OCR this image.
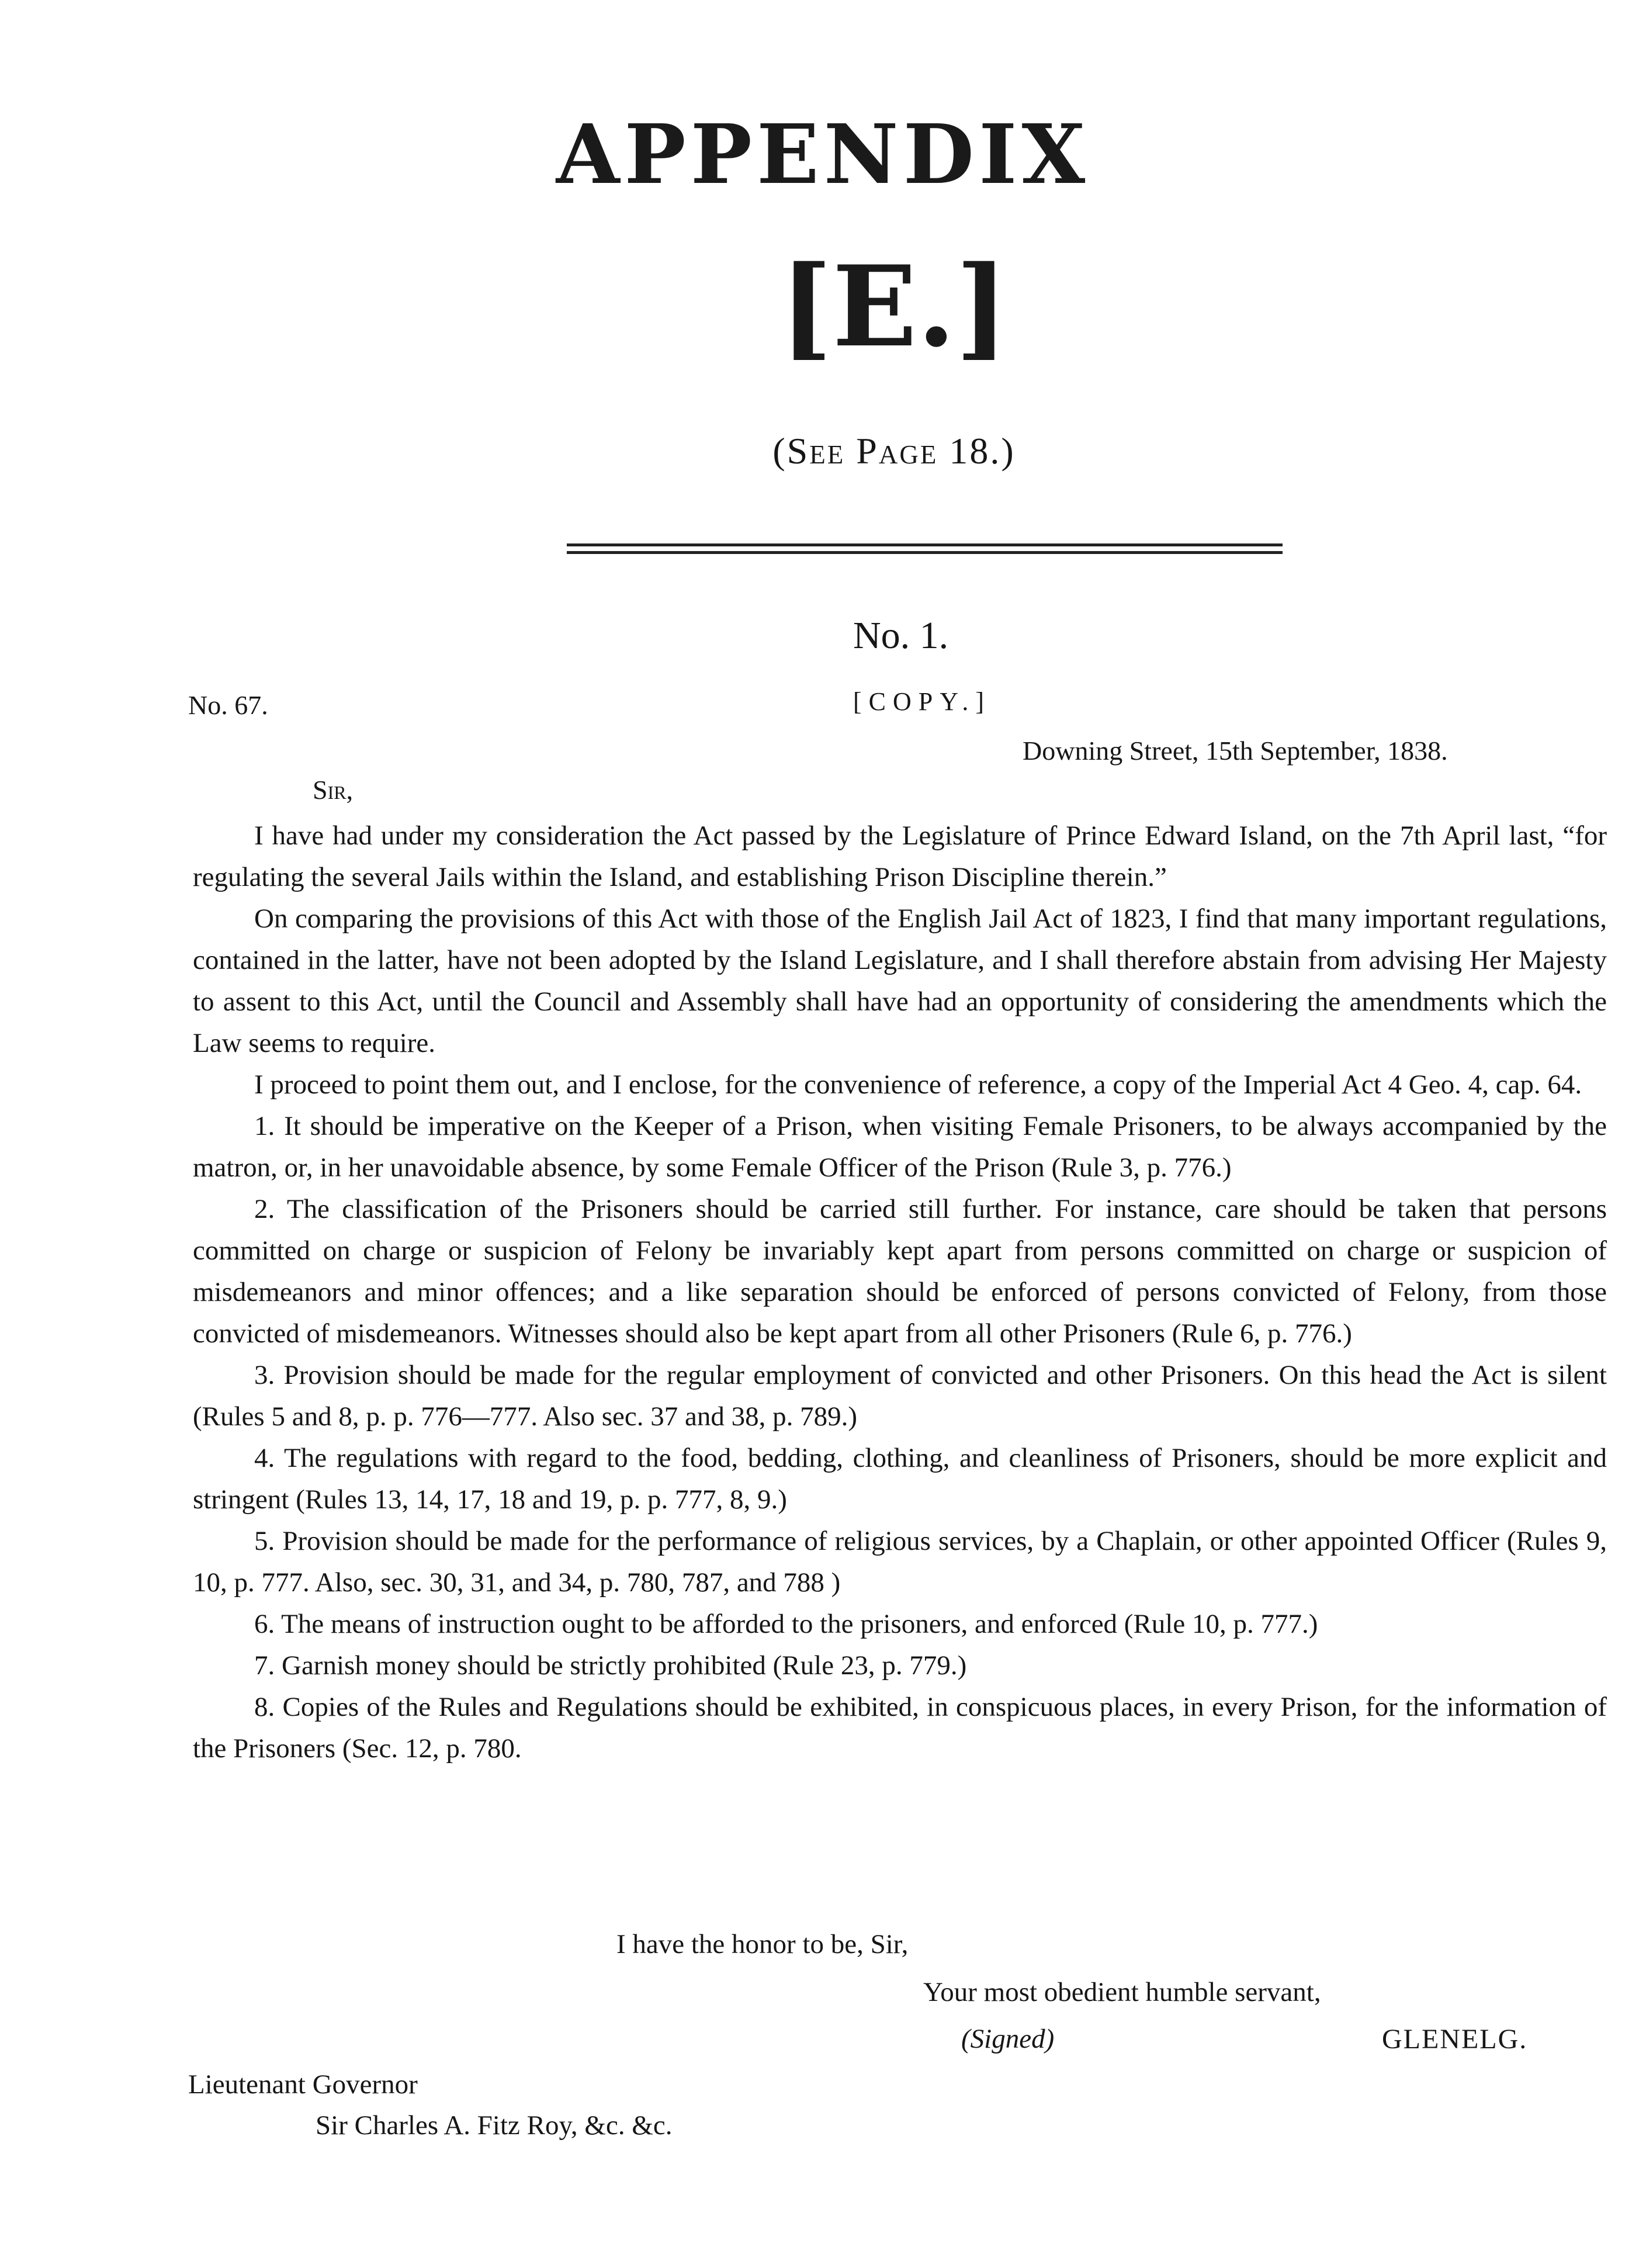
APPENDIX
[E.]
(See Page 18.)
No. 1.
No. 67.	[COPY.]
Downing Street, 15th September, 1838.
Sir,

I have had under my consideration the Act passed by the Legislature of Prince Edward Island, on the 7th April last, “for regulating the several Jails within the Island, and establishing Prison Discipline therein.”

On comparing the provisions of this Act with those of the English Jail Act of 1823, I find that many important regulations, contained in the latter, have not been adopted by the Island Legislature, and I shall therefore abstain from advising Her Majesty to assent to this Act, until the Council and Assembly shall have had an opportunity of considering the amendments which the Law seems to require.

I proceed to point them out, and I enclose, for the convenience of reference, a copy of the Imperial Act 4 Geo. 4, cap. 64.

1. It should be imperative on the Keeper of a Prison, when visiting Female Prisoners, to be always accompanied by the matron, or, in her unavoidable absence, by some Female Officer of the Prison (Rule 3, p. 776.)

2. The classification of the Prisoners should be carried still further. For instance, care should be taken that persons committed on charge or suspicion of Felony be invariably kept apart from persons committed on charge or suspicion of misdemeanors and minor offences; and a like separation should be enforced of persons convicted of Felony, from those convicted of misdemeanors. Witnesses should also be kept apart from all other Prisoners (Rule 6, p. 776.)

3. Provision should be made for the regular employment of convicted and other Prisoners. On this head the Act is silent (Rules 5 and 8, p. p. 776—777. Also sec. 37 and 38, p. 789.)

4. The regulations with regard to the food, bedding, clothing, and cleanliness of Prisoners, should be more explicit and stringent (Rules 13, 14, 17, 18 and 19, p. p. 777, 8, 9.)

5. Provision should be made for the performance of religious services, by a Chaplain, or other appointed Officer (Rules 9, 10, p. 777. Also, sec. 30, 31, and 34, p. 780, 787, and 788 )

6. The means of instruction ought to be afforded to the prisoners, and enforced (Rule 10, p. 777.)

7. Garnish money should be strictly prohibited (Rule 23, p. 779.)

8. Copies of the Rules and Regulations should be exhibited, in conspicuous places, in every Prison, for the information of the Prisoners (Sec. 12, p. 780.

I have the honor to be, Sir,
Your most obedient humble servant,
(Signed)	GLENELG.
Lieutenant Governor
Sir Charles A. Fitz Roy, &c. &c.
